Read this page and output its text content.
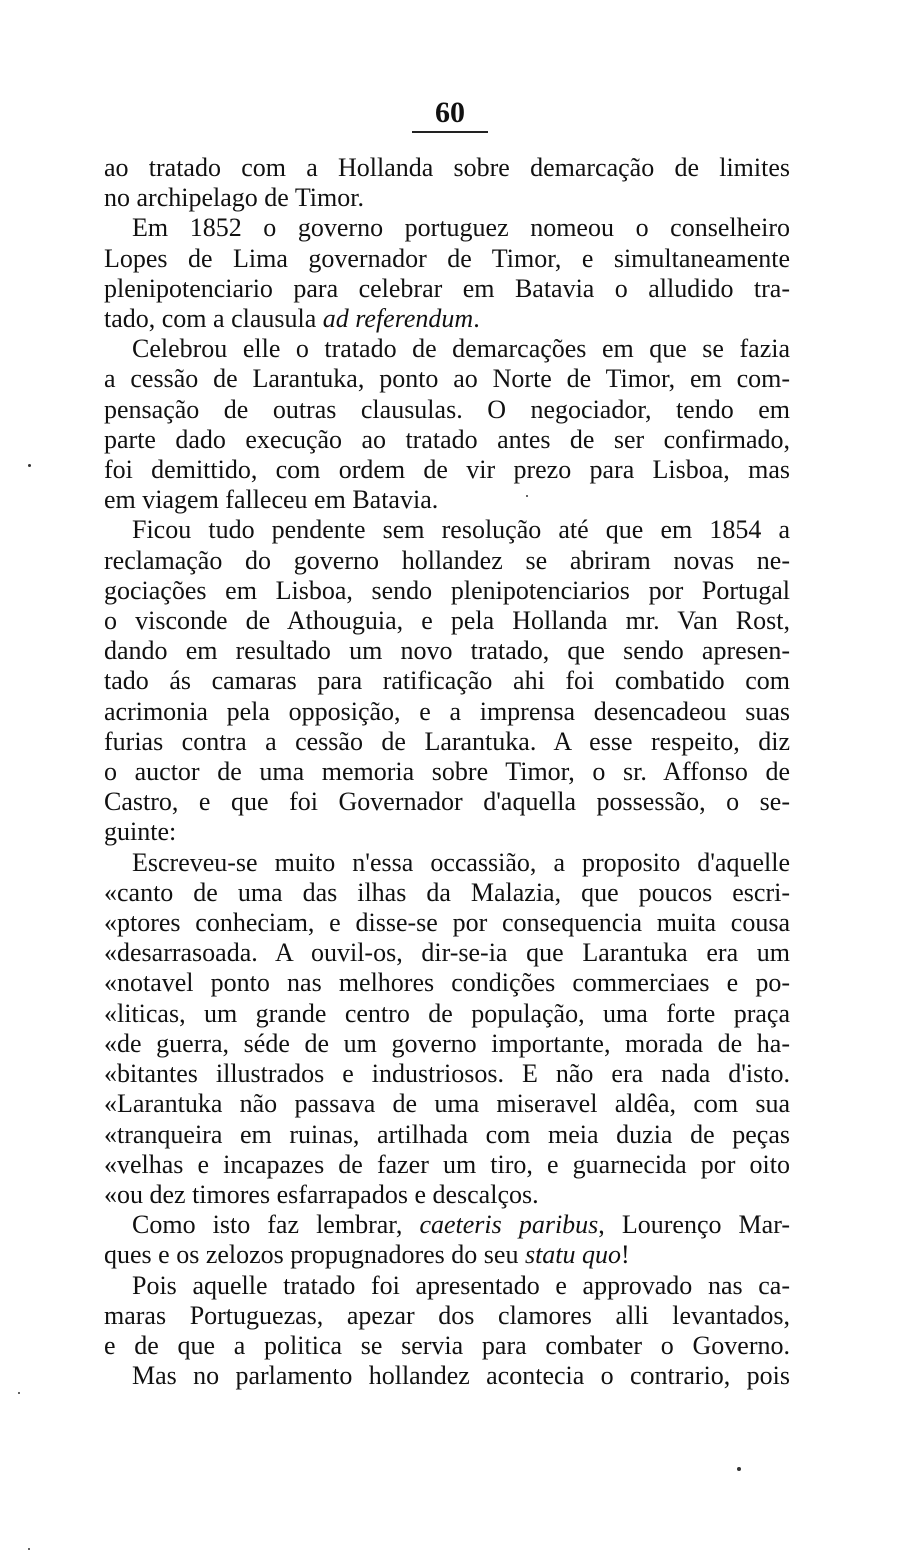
60
ao tratado com a Hollanda sobre demarcação de limites
no archipelago de Timor.
Em 1852 o governo portuguez nomeou o conselheiro
Lopes de Lima governador de Timor, e simultaneamente
plenipotenciario para celebrar em Batavia o alludido tra-
tado, com a clausula ad referendum.
Celebrou elle o tratado de demarcações em que se fazia
a cessão de Larantuka, ponto ao Norte de Timor, em com-
pensação de outras clausulas. O negociador, tendo em
parte dado execução ao tratado antes de ser confirmado,
foi demittido, com ordem de vir prezo para Lisboa, mas
em viagem falleceu em Batavia.
Ficou tudo pendente sem resolução até que em 1854 a
reclamação do governo hollandez se abriram novas ne-
gociações em Lisboa, sendo plenipotenciarios por Portugal
o visconde de Athouguia, e pela Hollanda mr. Van Rost,
dando em resultado um novo tratado, que sendo apresen-
tado ás camaras para ratificação ahi foi combatido com
acrimonia pela opposição, e a imprensa desencadeou suas
furias contra a cessão de Larantuka. A esse respeito, diz
o auctor de uma memoria sobre Timor, o sr. Affonso de
Castro, e que foi Governador d'aquella possessão, o se-
guinte:
Escreveu-se muito n'essa occassião, a proposito d'aquelle
«canto de uma das ilhas da Malazia, que poucos escri-
«ptores conheciam, e disse-se por consequencia muita cousa
«desarrasoada. A ouvil-os, dir-se-ia que Larantuka era um
«notavel ponto nas melhores condições commerciaes e po-
«liticas, um grande centro de população, uma forte praça
«de guerra, séde de um governo importante, morada de ha-
«bitantes illustrados e industriosos. E não era nada d'isto.
«Larantuka não passava de uma miseravel aldêa, com sua
«tranqueira em ruinas, artilhada com meia duzia de peças
«velhas e incapazes de fazer um tiro, e guarnecida por oito
«ou dez timores esfarrapados e descalços.
Como isto faz lembrar, caeteris paribus, Lourenço Mar-
ques e os zelozos propugnadores do seu statu quo!
Pois aquelle tratado foi apresentado e approvado nas ca-
maras Portuguezas, apezar dos clamores alli levantados,
e de que a politica se servia para combater o Governo.
Mas no parlamento hollandez acontecia o contrario, pois
